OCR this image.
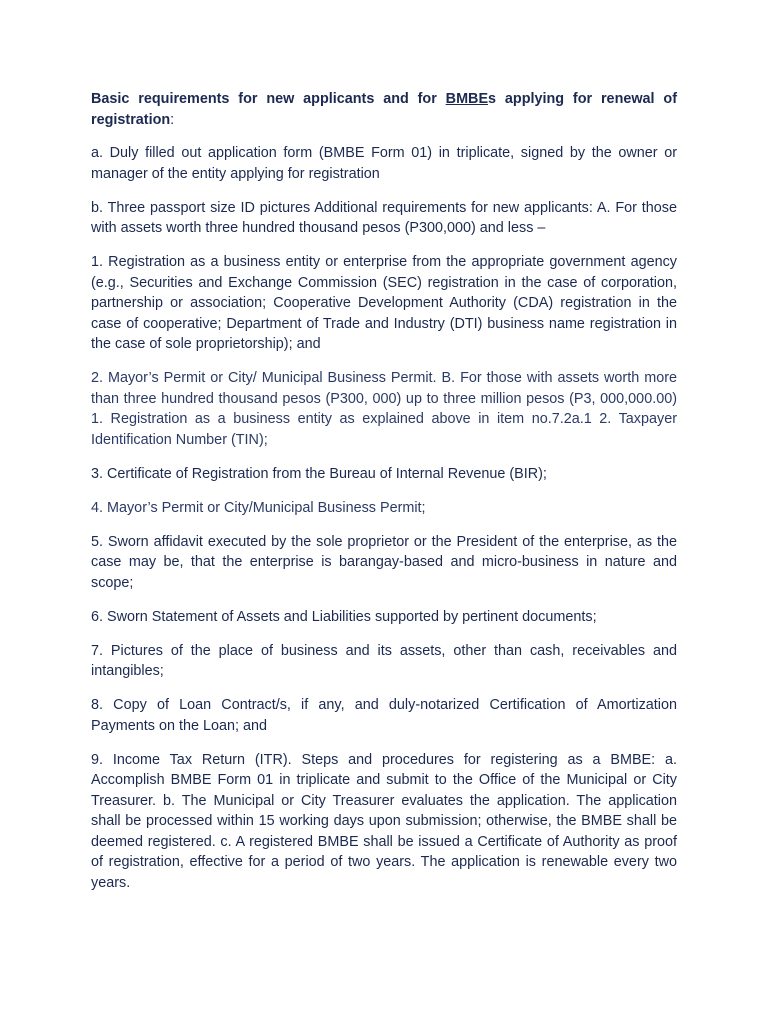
Basic requirements for new applicants and for BMBEs applying for renewal of registration:

a. Duly filled out application form (BMBE Form 01) in triplicate, signed by the owner or manager of the entity applying for registration

b. Three passport size ID pictures Additional requirements for new applicants: A. For those with assets worth three hundred thousand pesos (P300,000) and less –

1. Registration as a business entity or enterprise from the appropriate government agency (e.g., Securities and Exchange Commission (SEC) registration in the case of corporation, partnership or association; Cooperative Development Authority (CDA) registration in the case of cooperative; Department of Trade and Industry (DTI) business name registration in the case of sole proprietorship); and

2. Mayor’s Permit or City/ Municipal Business Permit. B. For those with assets worth more than three hundred thousand pesos (P300, 000) up to three million pesos (P3, 000,000.00) 1. Registration as a business entity as explained above in item no.7.2a.1 2. Taxpayer Identification Number (TIN);

3. Certificate of Registration from the Bureau of Internal Revenue (BIR);

4. Mayor’s Permit or City/Municipal Business Permit;

5. Sworn affidavit executed by the sole proprietor or the President of the enterprise, as the case may be, that the enterprise is barangay-based and micro-business in nature and scope;

6. Sworn Statement of Assets and Liabilities supported by pertinent documents;

7. Pictures of the place of business and its assets, other than cash, receivables and intangibles;

8. Copy of Loan Contract/s, if any, and duly-notarized Certification of Amortization Payments on the Loan; and

9. Income Tax Return (ITR). Steps and procedures for registering as a BMBE: a. Accomplish BMBE Form 01 in triplicate and submit to the Office of the Municipal or City Treasurer. b. The Municipal or City Treasurer evaluates the application. The application shall be processed within 15 working days upon submission; otherwise, the BMBE shall be deemed registered. c. A registered BMBE shall be issued a Certificate of Authority as proof of registration, effective for a period of two years. The application is renewable every two years.
